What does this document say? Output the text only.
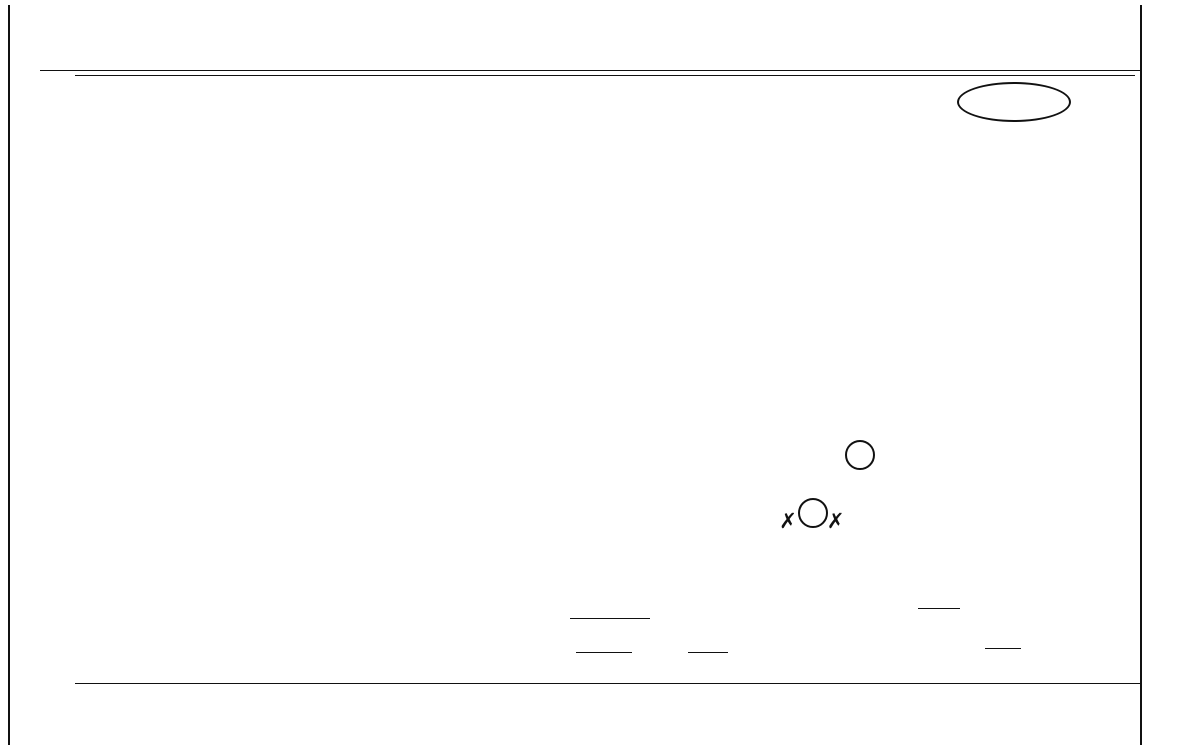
✗ ✗
